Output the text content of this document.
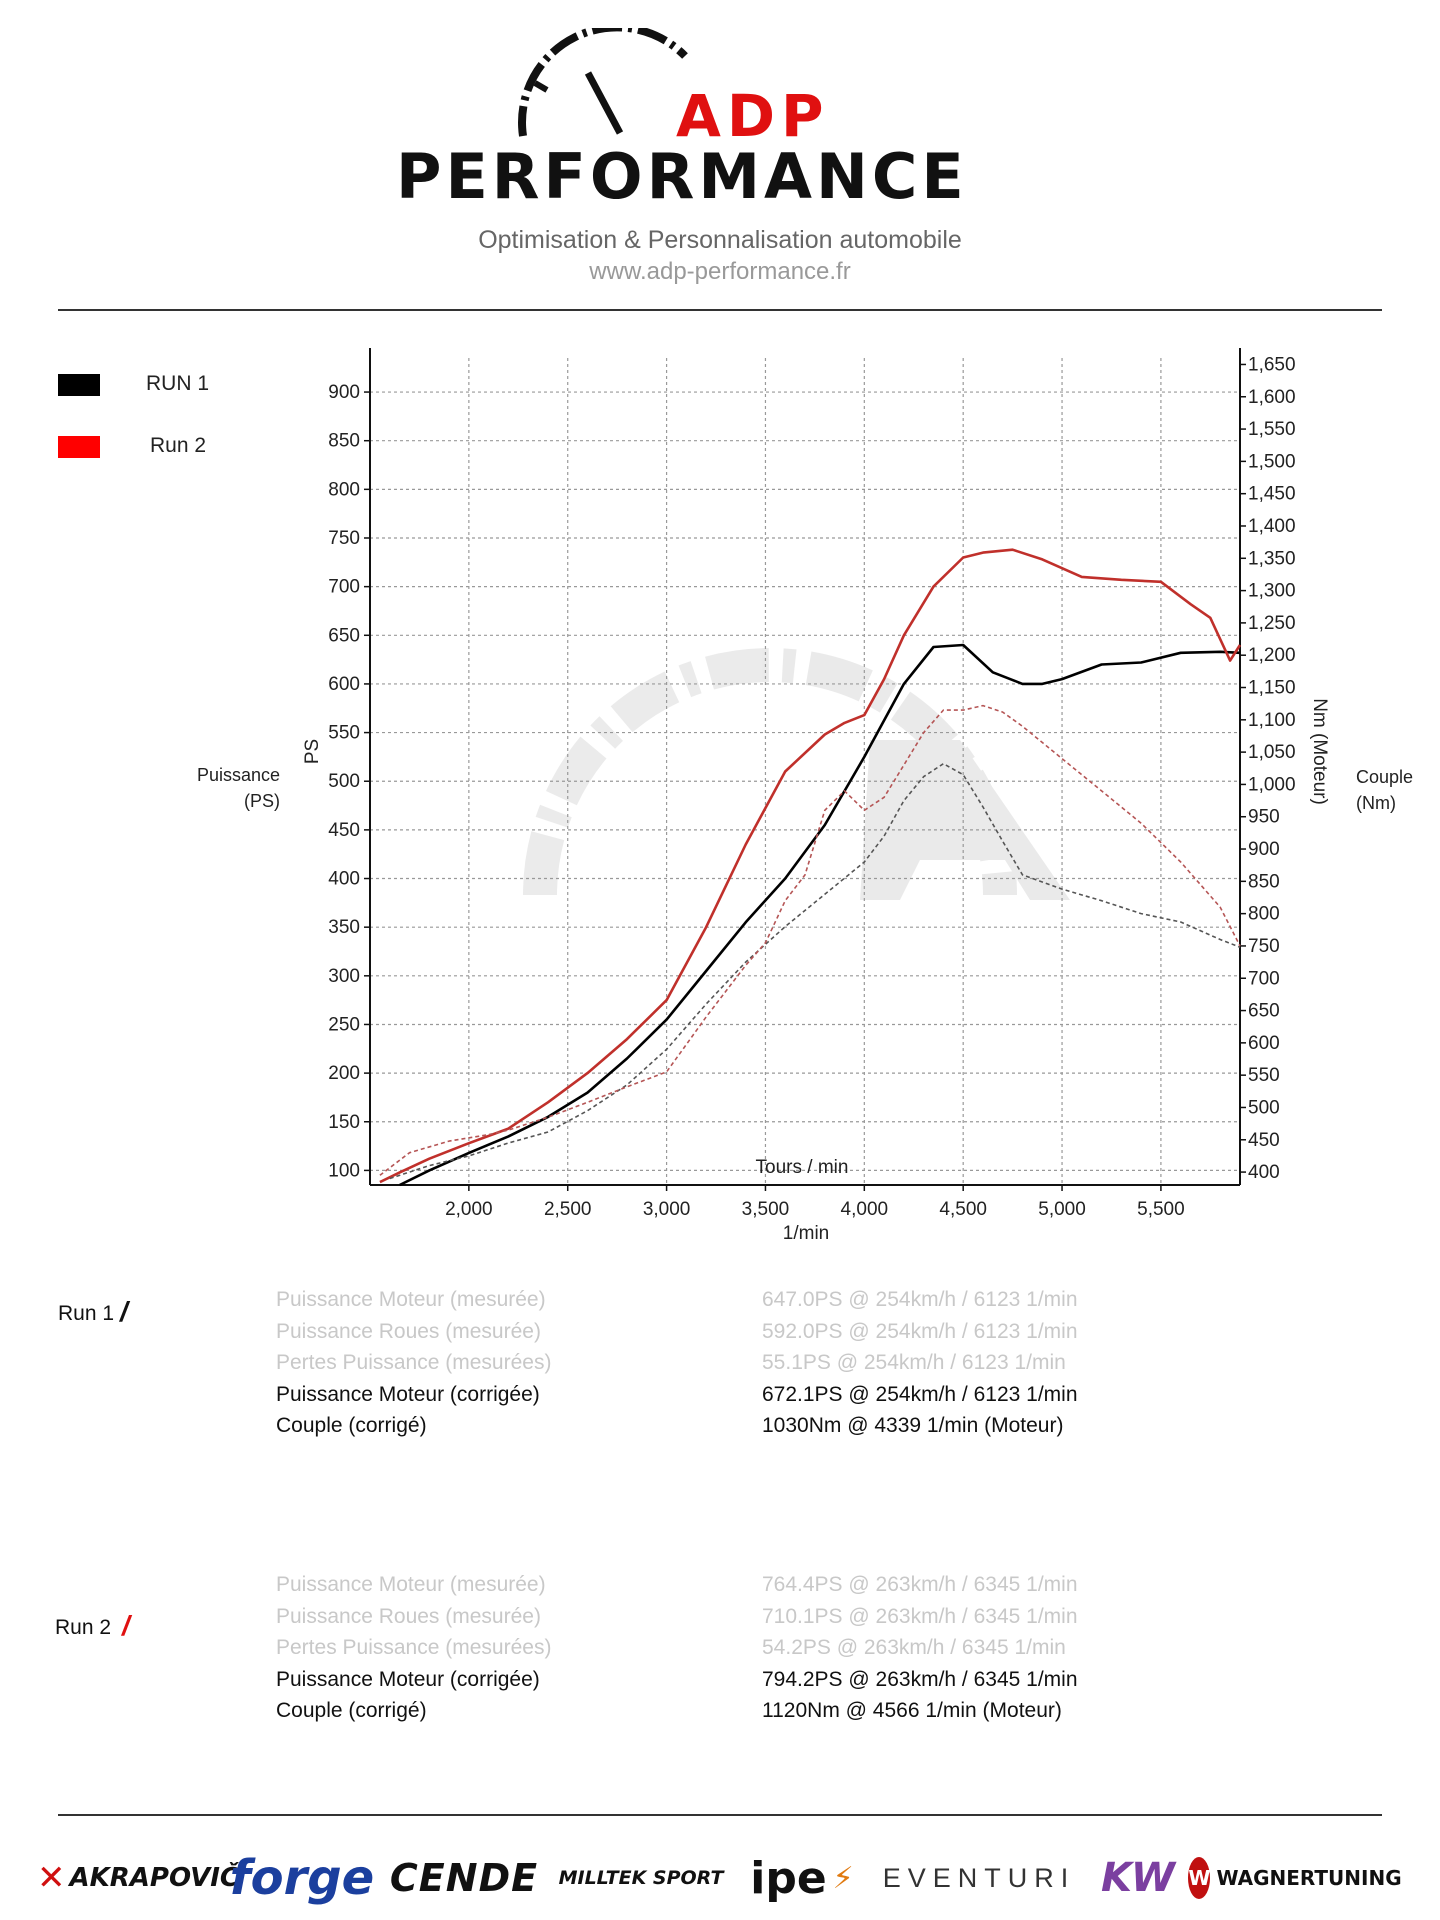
ADP
PERFORMANCE
Optimisation & Personnalisation automobile
www.adp-performance.fr
RUN 1
Run 2
Puissance
(PS)
Couple
(Nm)
100
150
200
250
300
350
400
450
500
550
600
650
700
750
800
850
900
400
450
500
550
600
650
700
750
800
850
900
950
1,000
1,050
1,100
1,150
1,200
1,250
1,300
1,350
1,400
1,450
1,500
1,550
1,600
1,650
2,000	2,500	3,000	3,500	4,000	4,500	5,000	5,500
PS	Nm (Moteur)
Tours / min
1/min
Run 1 /	Puissance Moteur (mesurée)	647.0PS @ 254km/h / 6123 1/min
Puissance Roues (mesurée)	592.0PS @ 254km/h / 6123 1/min
Pertes Puissance (mesurées)	55.1PS @ 254km/h / 6123 1/min
Puissance Moteur (corrigée)	672.1PS @ 254km/h / 6123 1/min
Couple (corrigé)	1030Nm @ 4339 1/min (Moteur)
Run 2 /
Puissance Moteur (mesurée)	764.4PS @ 263km/h / 6345 1/min
Puissance Roues (mesurée)	710.1PS @ 263km/h / 6345 1/min
Pertes Puissance (mesurées)	54.2PS @ 263km/h / 6345 1/min
Puissance Moteur (corrigée)	794.2PS @ 263km/h / 6345 1/min
Couple (corrigé)	1120Nm @ 4566 1/min (Moteur)
✕ AKRAPOVIČ
forge CENDE MILLTEK SPORT ipe ⚡ EVENTURI KW W WAGNERTUNING
